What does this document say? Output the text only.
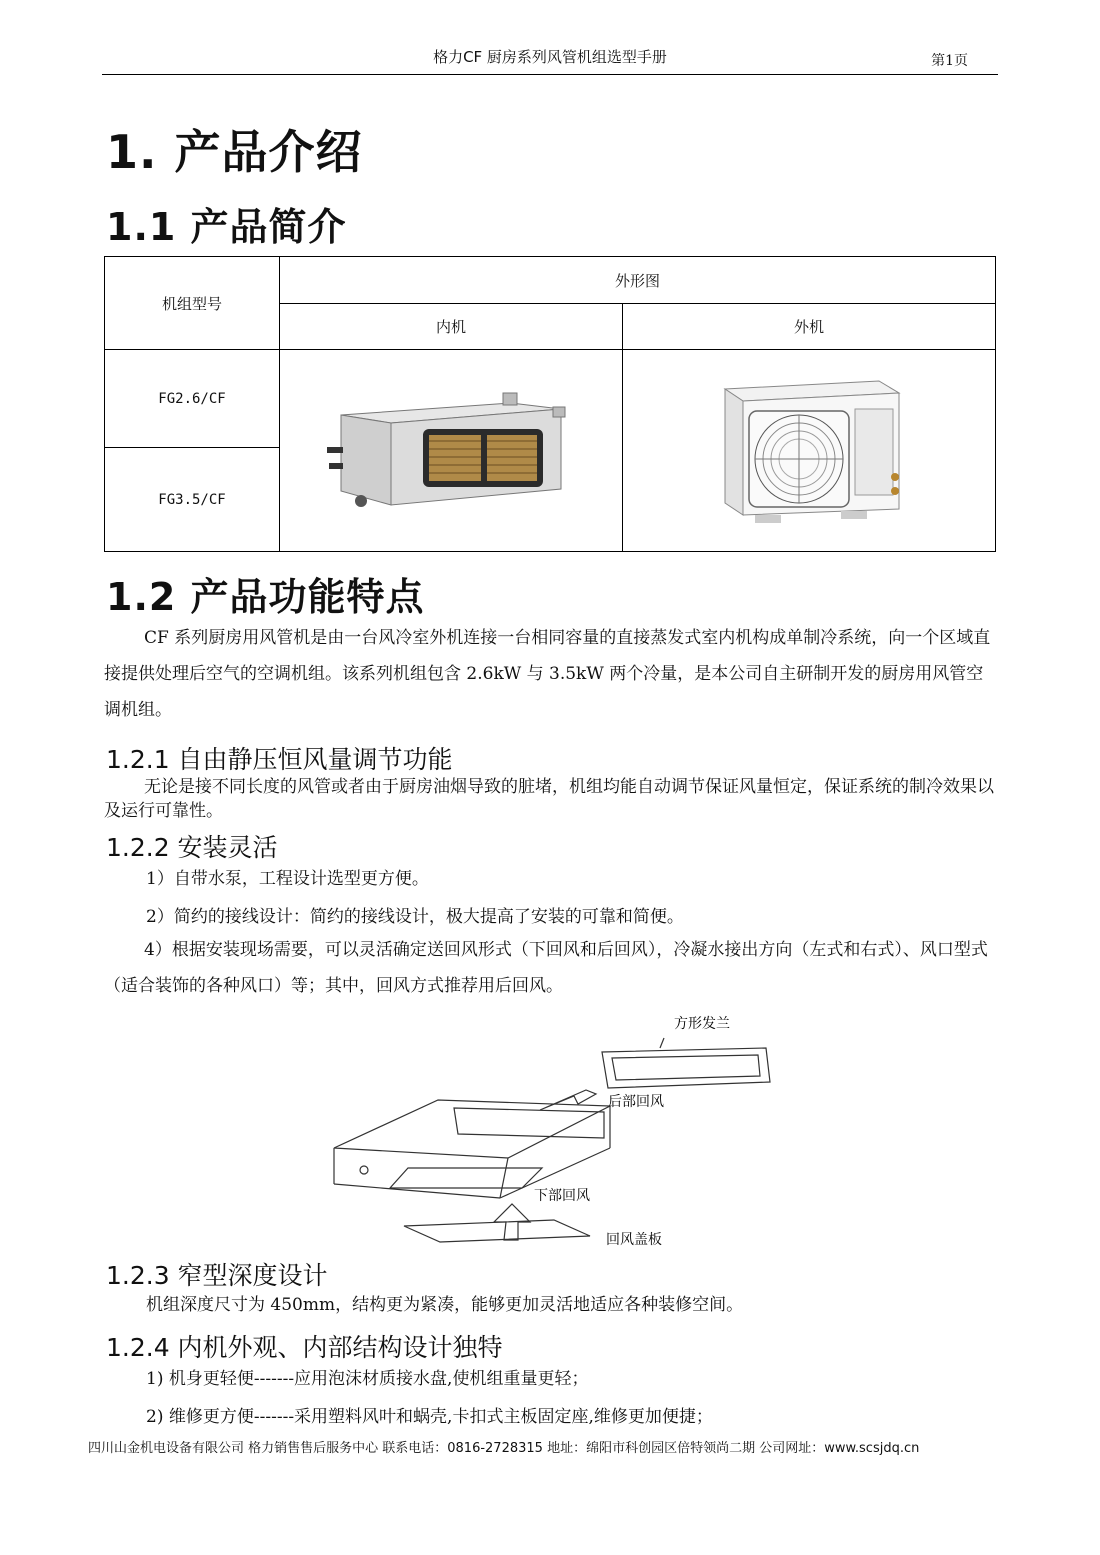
格力CF 厨房系列风管机组选型手册	第1页
1. 产品介绍
1.1 产品简介
机组型号	外形图	
	内机	外机
FG2.6/CF		
FG3.5/CF		
1.2 产品功能特点
CF 系列厨房用风管机是由一台风冷室外机连接一台相同容量的直接蒸发式室内机构成单制冷系统，向一个区域直接提供处理后空气的空调机组。该系列机组包含 2.6kW 与 3.5kW 两个冷量，是本公司自主研制开发的厨房用风管空调机组。
1.2.1 自由静压恒风量调节功能
无论是接不同长度的风管或者由于厨房油烟导致的脏堵，机组均能自动调节保证风量恒定，保证系统的制冷效果以及运行可靠性。
1.2.2 安装灵活
1）自带水泵，工程设计选型更方便。
2）简约的接线设计：简约的接线设计，极大提高了安装的可靠和简便。
4）根据安装现场需要，可以灵活确定送回风形式（下回风和后回风），冷凝水接出方向（左式和右式）、风口型式（适合装饰的各种风口）等；其中，回风方式推荐用后回风。
方形发兰
后部回风
下部回风
回风盖板
1.2.3 窄型深度设计
机组深度尺寸为 450mm，结构更为紧凑，能够更加灵活地适应各种装修空间。
1.2.4 内机外观、内部结构设计独特
1) 机身更轻便-------应用泡沫材质接水盘,使机组重量更轻；
2) 维修更方便-------采用塑料风叶和蜗壳,卡扣式主板固定座,维修更加便捷；
四川山金机电设备有限公司 格力销售售后服务中心 联系电话：0816-2728315 地址：绵阳市科创园区倍特领尚二期 公司网址：www.scsjdq.cn
